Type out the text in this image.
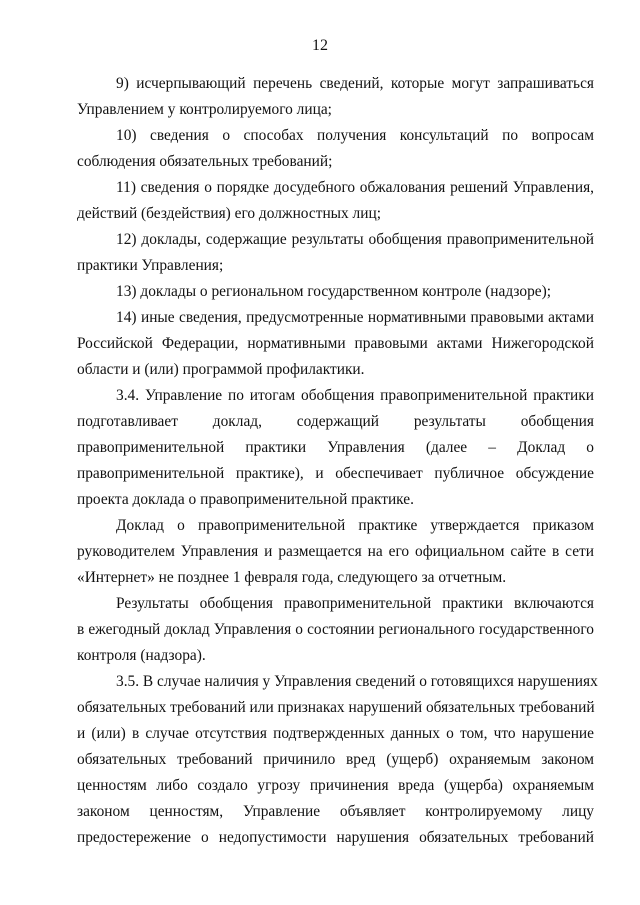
12
9) исчерпывающий перечень сведений, которые могут запрашиваться
Управлением у контролируемого лица;
10) сведения о способах получения консультаций по вопросам
соблюдения обязательных требований;
11) сведения о порядке досудебного обжалования решений Управления,
действий (бездействия) его должностных лиц;
12) доклады, содержащие результаты обобщения правоприменительной
практики Управления;
13) доклады о региональном государственном контроле (надзоре);
14) иные сведения, предусмотренные нормативными правовыми актами
Российской Федерации, нормативными правовыми актами Нижегородской
области и (или) программой профилактики.
3.4. Управление по итогам обобщения правоприменительной практики
подготавливает доклад, содержащий результаты обобщения
правоприменительной практики Управления (далее – Доклад о
правоприменительной практике), и обеспечивает публичное обсуждение
проекта доклада о правоприменительной практике.
Доклад о правоприменительной практике утверждается приказом
руководителем Управления и размещается на его официальном сайте в сети
«Интернет» не позднее 1 февраля года, следующего за отчетным.
Результаты обобщения правоприменительной практики включаются
в ежегодный доклад Управления о состоянии регионального государственного
контроля (надзора).
3.5. В случае наличия у Управления сведений о готовящихся нарушениях
обязательных требований или признаках нарушений обязательных требований
и (или) в случае отсутствия подтвержденных данных о том, что нарушение
обязательных требований причинило вред (ущерб) охраняемым законом
ценностям либо создало угрозу причинения вреда (ущерба) охраняемым
законом ценностям, Управление объявляет контролируемому лицу
предостережение о недопустимости нарушения обязательных требований
